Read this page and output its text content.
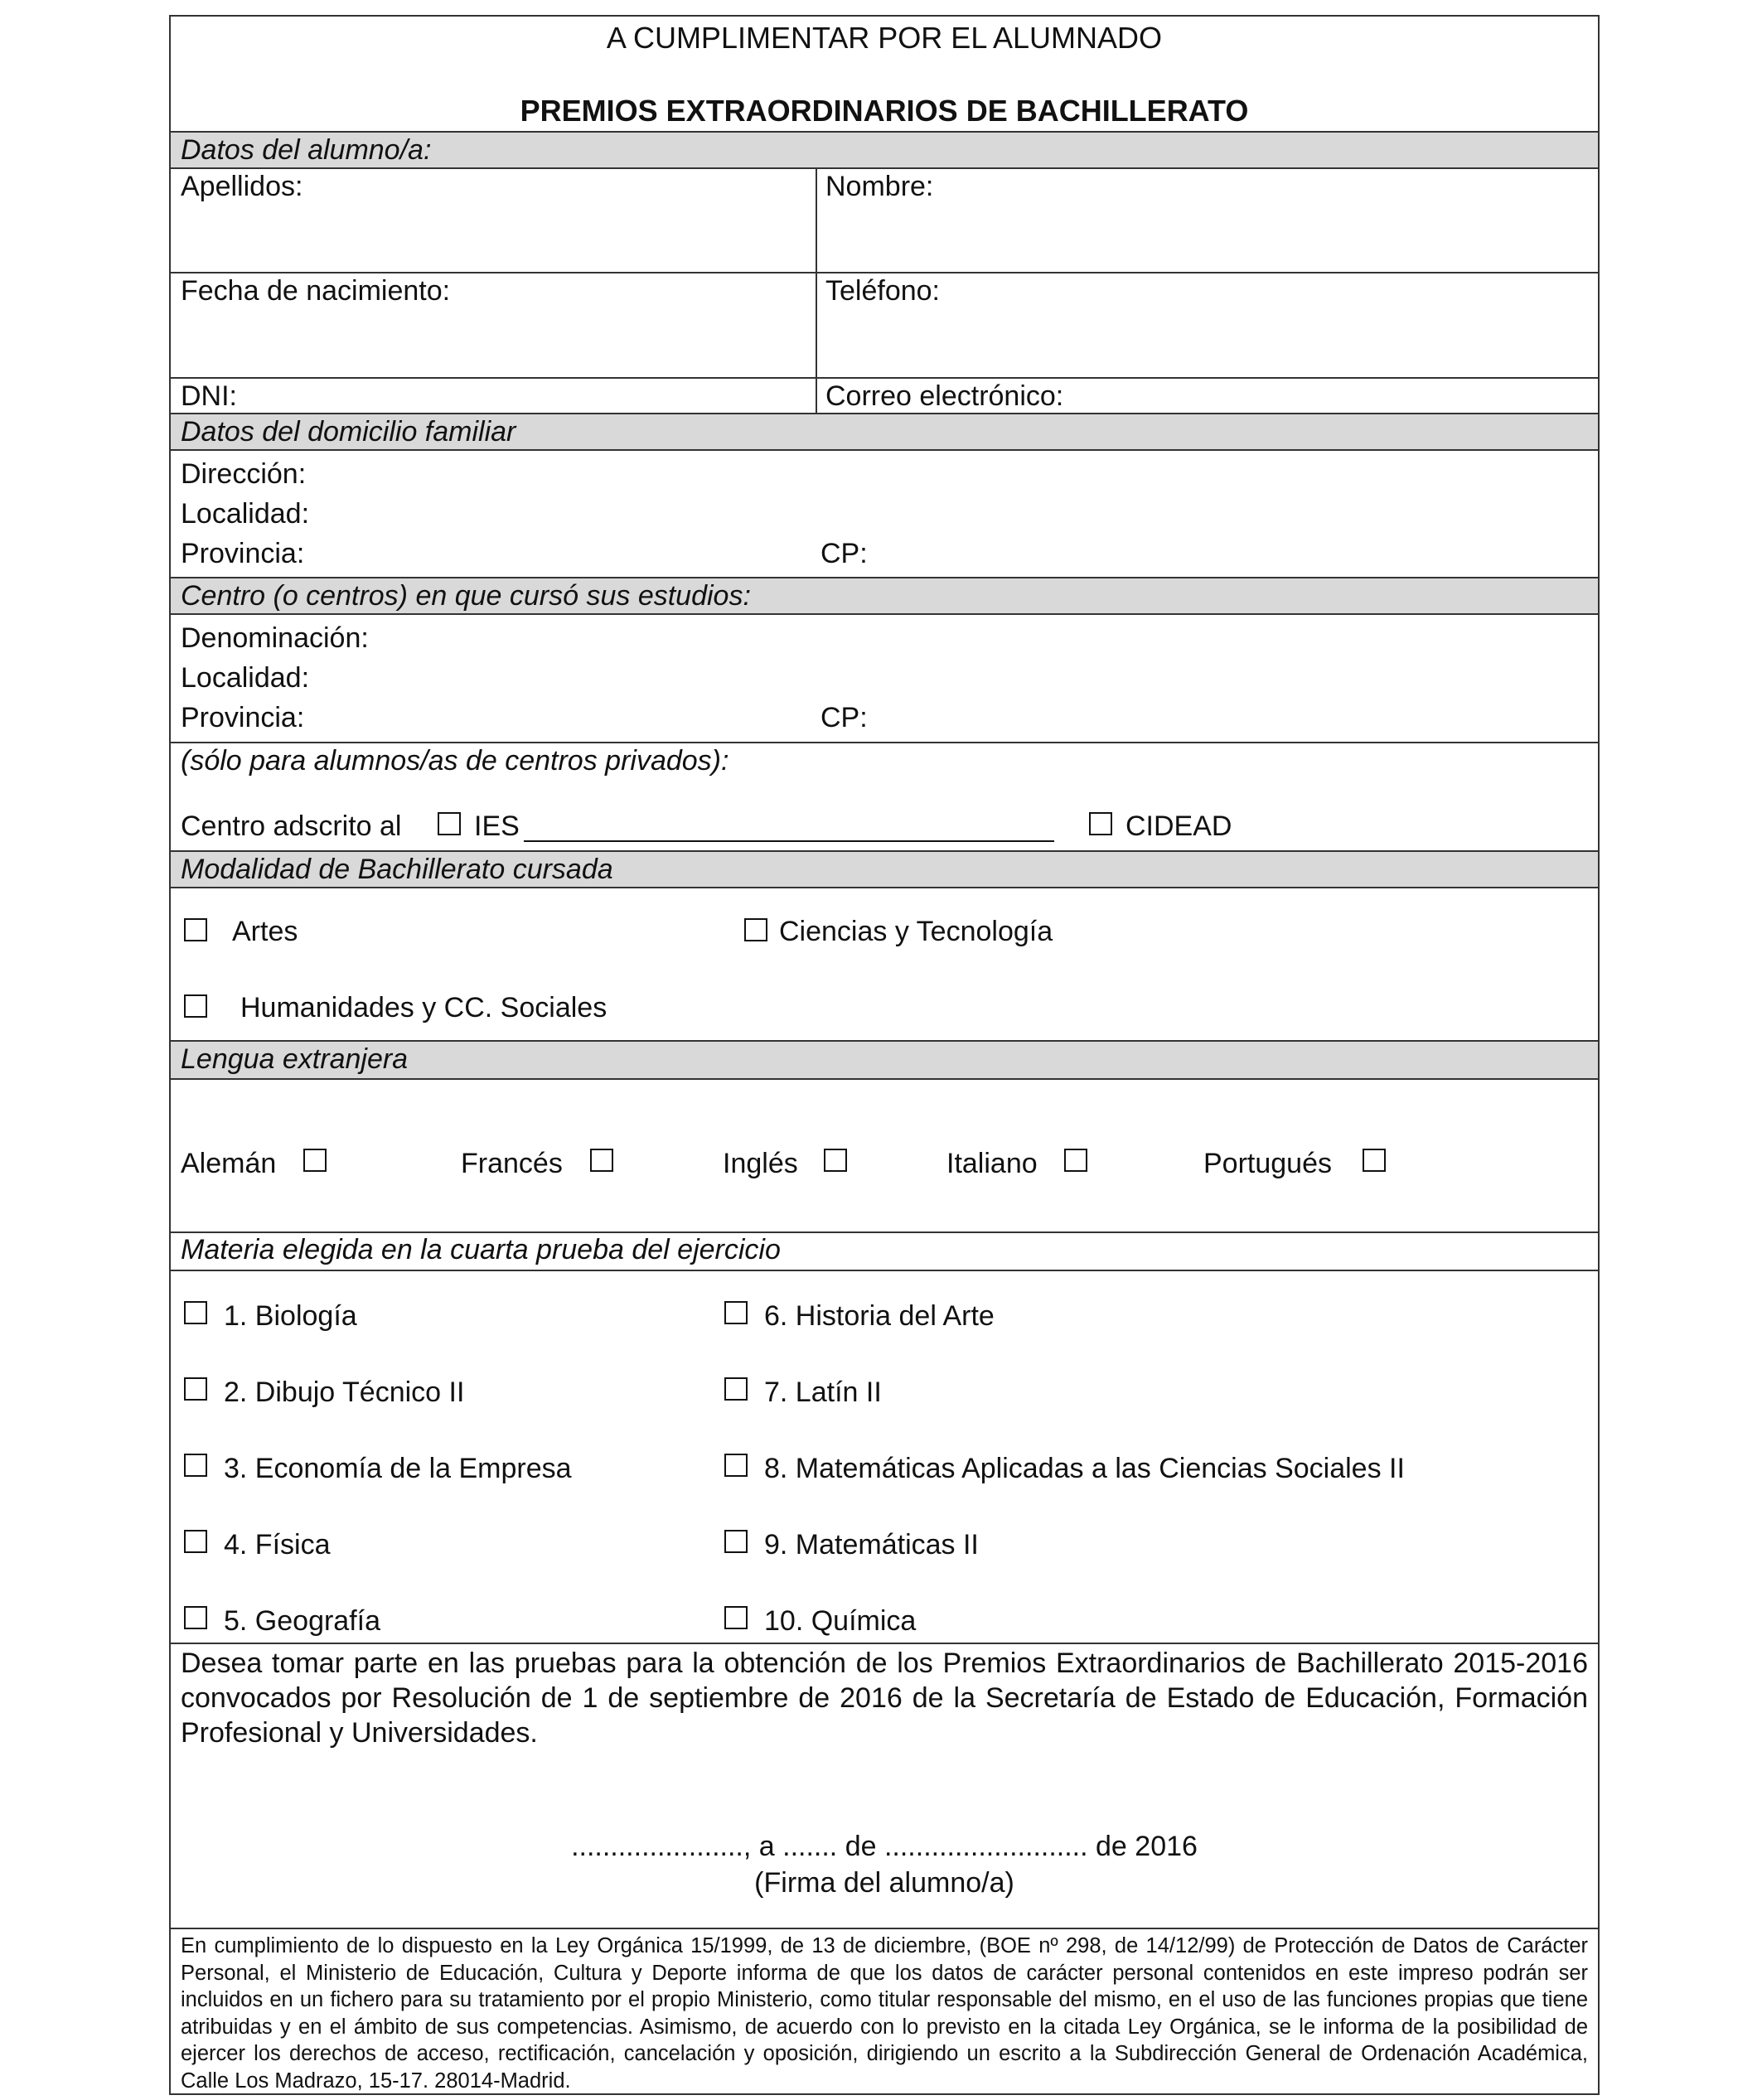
A CUMPLIMENTAR POR EL ALUMNADO
PREMIOS EXTRAORDINARIOS DE BACHILLERATO
Datos del alumno/a:
Apellidos:	Nombre:
Fecha de nacimiento:	Teléfono:
DNI:	Correo electrónico:
Datos del domicilio familiar
Dirección:
Localidad:
Provincia:	CP:
Centro (o centros) en que cursó sus estudios:
Denominación:
Localidad:
Provincia:	CP:
(sólo para alumnos/as de centros privados):
Centro adscrito al	IES	CIDEAD
Modalidad de Bachillerato cursada
Artes	Ciencias y Tecnología
Humanidades y CC. Sociales
Lengua extranjera
Alemán	Francés	Inglés	Italiano	Portugués
Materia elegida en la cuarta prueba del ejercicio
1. Biología	6. Historia del Arte
2. Dibujo Técnico II	7. Latín II
3. Economía de la Empresa	8. Matemáticas Aplicadas a las Ciencias Sociales II
4. Física	9. Matemáticas II
5. Geografía	10. Química
Desea tomar parte en las pruebas para la obtención de los Premios Extraordinarios de Bachillerato 2015-2016 convocados por Resolución de 1 de septiembre de 2016 de la Secretaría de Estado de Educación, Formación Profesional y Universidades.
......................, a ....... de .......................... de 2016
(Firma del alumno/a)
En cumplimiento de lo dispuesto en la Ley Orgánica 15/1999, de 13 de diciembre, (BOE nº 298, de 14/12/99) de Protección de Datos de Carácter Personal, el Ministerio de Educación, Cultura y Deporte informa de que los datos de carácter personal contenidos en este impreso podrán ser incluidos en un fichero para su tratamiento por el propio Ministerio, como titular responsable del mismo, en el uso de las funciones propias que tiene atribuidas y en el ámbito de sus competencias. Asimismo, de acuerdo con lo previsto en la citada Ley Orgánica, se le informa de la posibilidad de ejercer los derechos de acceso, rectificación, cancelación y oposición, dirigiendo un escrito a la Subdirección General de Ordenación Académica, Calle Los Madrazo, 15-17. 28014-Madrid.
